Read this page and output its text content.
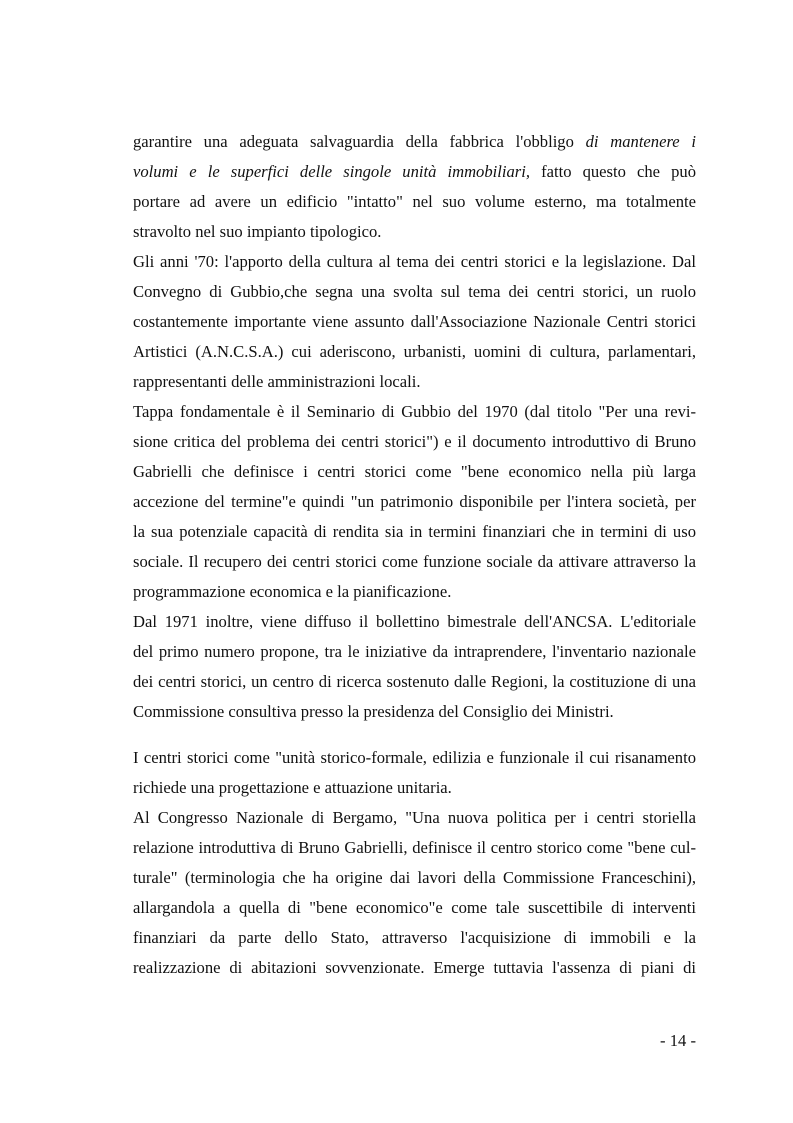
garantire una adeguata salvaguardia della fabbrica l'obbligo di mantenere i
volumi e le superfici delle singole unità immobiliari, fatto questo che può
portare ad avere un edificio "intatto" nel suo volume esterno, ma totalmente
stravolto nel suo impianto tipologico.
Gli anni '70: l'apporto della cultura al tema dei centri storici e la legislazione. Dal
Convegno di Gubbio,che segna una svolta sul tema dei centri storici, un ruolo
costantemente importante viene assunto dall'Associazione Nazionale Centri storici
Artistici (A.N.C.S.A.) cui aderiscono, urbanisti, uomini di cultura, parlamentari,
rappresentanti delle amministrazioni locali.
Tappa fondamentale è il Seminario di Gubbio del 1970 (dal titolo "Per una revi-
sione critica del problema dei centri storici") e il documento introduttivo di Bruno
Gabrielli che definisce i centri storici come "bene economico nella più larga
accezione del termine"e quindi "un patrimonio disponibile per l'intera società, per
la sua potenziale capacità di rendita sia in termini finanziari che in termini di uso
sociale. Il recupero dei centri storici come funzione sociale da attivare attraverso la
programmazione economica e la pianificazione.
Dal 1971 inoltre, viene diffuso il bollettino bimestrale dell'ANCSA. L'editoriale
del primo numero propone, tra le iniziative da intraprendere, l'inventario nazionale
dei centri storici, un centro di ricerca sostenuto dalle Regioni, la costituzione di una
Commissione consultiva presso la presidenza del Consiglio dei Ministri.
I centri storici come "unità storico-formale, edilizia e funzionale il cui risanamento
richiede una progettazione e attuazione unitaria.
Al Congresso Nazionale di Bergamo, "Una nuova politica per i centri storiella
relazione introduttiva di Bruno Gabrielli, definisce il centro storico come "bene cul-
turale" (terminologia che ha origine dai lavori della Commissione Franceschini),
allargandola a quella di "bene economico"e come tale suscettibile di interventi
finanziari da parte dello Stato, attraverso l'acquisizione di immobili e la
realizzazione di abitazioni sovvenzionate. Emerge tuttavia l'assenza di piani di
- 14 -
